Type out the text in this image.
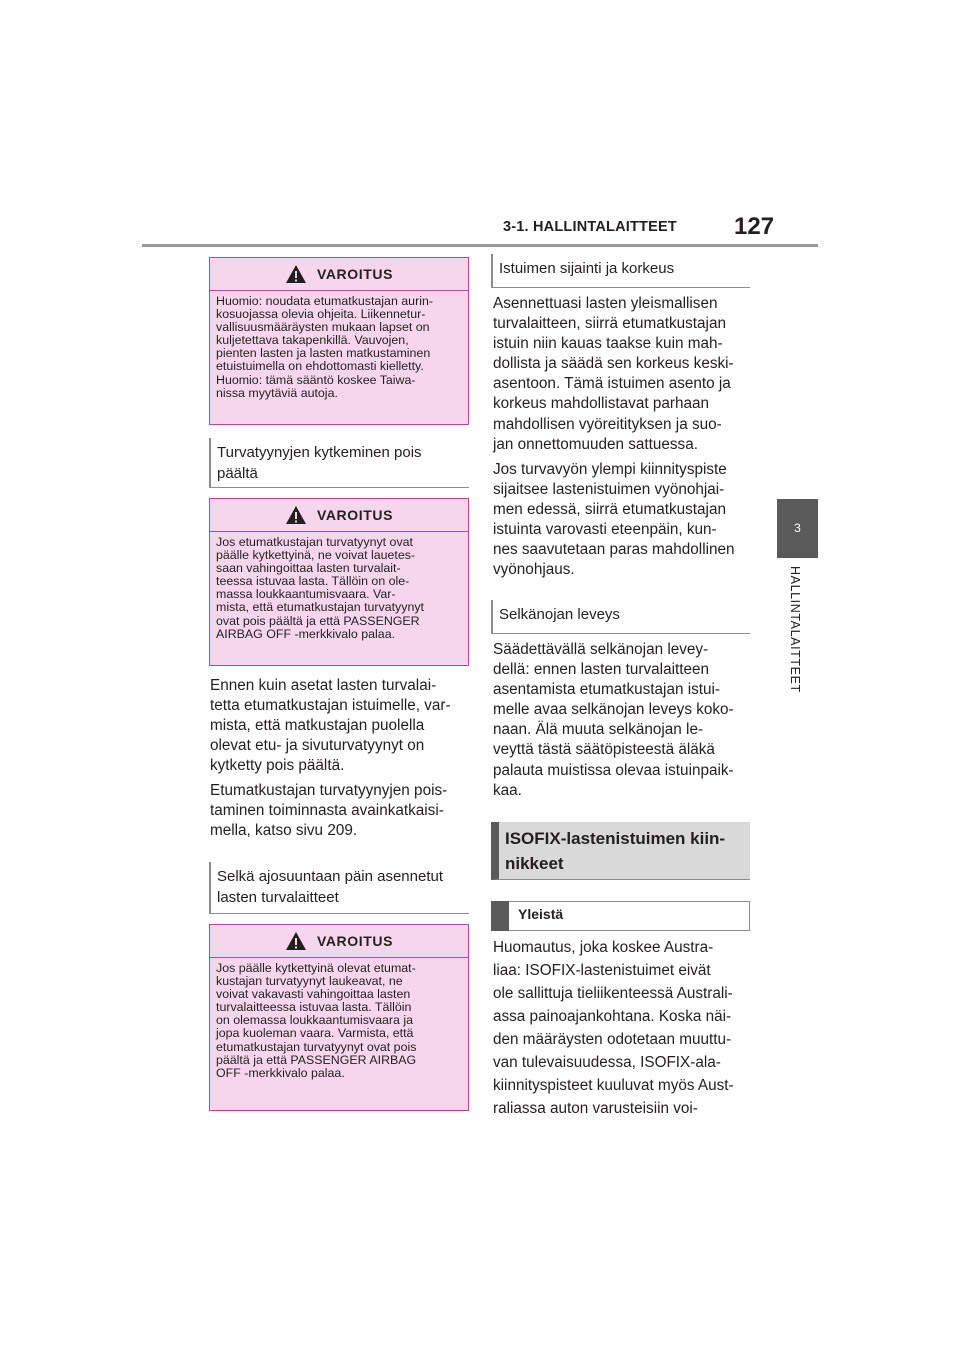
3-1. HALLINTALAITTEET 127
3
HALLINTALAITTEET
VAROITUS
Huomio: noudata etumatkustajan aurin-
kosuojassa olevia ohjeita. Liikennetur-
vallisuusmääräysten mukaan lapset on
kuljetettava takapenkillä. Vauvojen,
pienten lasten ja lasten matkustaminen
etuistuimella on ehdottomasti kielletty.
Huomio: tämä sääntö koskee Taiwa-
nissa myytäviä autoja.
Turvatyynyjen kytkeminen pois
päältä
VAROITUS
Jos etumatkustajan turvatyynyt ovat
päälle kytkettyinä, ne voivat lauetes-
saan vahingoittaa lasten turvalait-
teessa istuvaa lasta. Tällöin on ole-
massa loukkaantumisvaara. Var-
mista, että etumatkustajan turvatyynyt
ovat pois päältä ja että PASSENGER
AIRBAG OFF -merkkivalo palaa.
Ennen kuin asetat lasten turvalai-
tetta etumatkustajan istuimelle, var-
mista, että matkustajan puolella
olevat etu- ja sivuturvatyynyt on
kytketty pois päältä.
Etumatkustajan turvatyynyjen pois-
taminen toiminnasta avainkatkaisi-
mella, katso sivu 209.
Selkä ajosuuntaan päin asennetut
lasten turvalaitteet
VAROITUS
Jos päälle kytkettyinä olevat etumat-
kustajan turvatyynyt laukeavat, ne
voivat vakavasti vahingoittaa lasten
turvalaitteessa istuvaa lasta. Tällöin
on olemassa loukkaantumisvaara ja
jopa kuoleman vaara. Varmista, että
etumatkustajan turvatyynyt ovat pois
päältä ja että PASSENGER AIRBAG
OFF -merkkivalo palaa.
Istuimen sijainti ja korkeus
Asennettuasi lasten yleismallisen
turvalaitteen, siirrä etumatkustajan
istuin niin kauas taakse kuin mah-
dollista ja säädä sen korkeus keski-
asentoon. Tämä istuimen asento ja
korkeus mahdollistavat parhaan
mahdollisen vyöreitityksen ja suo-
jan onnettomuuden sattuessa.
Jos turvavyön ylempi kiinnityspiste
sijaitsee lastenistuimen vyönohjai-
men edessä, siirrä etumatkustajan
istuinta varovasti eteenpäin, kun-
nes saavutetaan paras mahdollinen
vyönohjaus.
Selkänojan leveys
Säädettävällä selkänojan levey-
dellä: ennen lasten turvalaitteen
asentamista etumatkustajan istui-
melle avaa selkänojan leveys koko-
naan. Älä muuta selkänojan le-
veyttä tästä säätöpisteestä äläkä
palauta muistissa olevaa istuinpaik-
kaa.
ISOFIX-lastenistuimen kiin-
nikkeet
Yleistä
Huomautus, joka koskee Austra-
liaa: ISOFIX-lastenistuimet eivät
ole sallittuja tieliikenteessä Australi-
assa painoajankohtana. Koska näi-
den määräysten odotetaan muuttu-
van tulevaisuudessa, ISOFIX-ala-
kiinnityspisteet kuuluvat myös Aust-
raliassa auton varusteisiin voi-
